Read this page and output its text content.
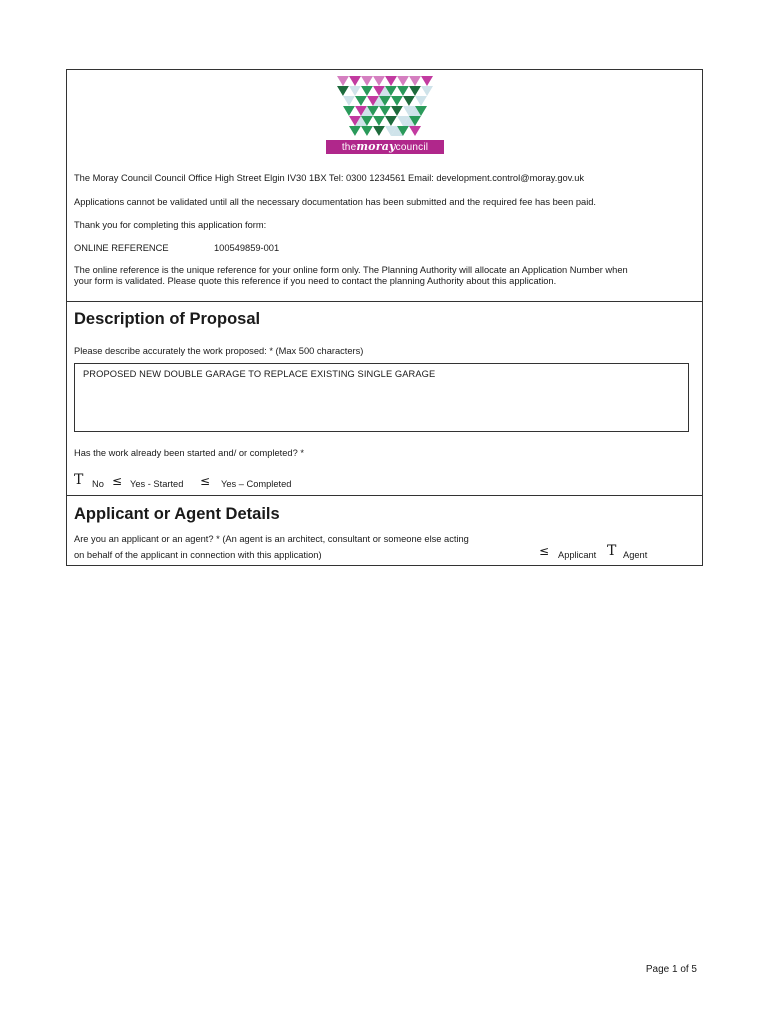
themoraycouncil
The Moray Council Council Office High Street Elgin IV30 1BX Tel: 0300 1234561 Email: development.control@moray.gov.uk
Applications cannot be validated until all the necessary documentation has been submitted and the required fee has been paid.
Thank you for completing this application form:
ONLINE REFERENCE	100549859-001
The online reference is the unique reference for your online form only. The Planning Authority will allocate an Application Number when
your form is validated. Please quote this reference if you need to contact the planning Authority about this application.
Description of Proposal
Please describe accurately the work proposed: * (Max 500 characters)
PROPOSED NEW DOUBLE GARAGE TO REPLACE EXISTING SINGLE GARAGE
Has the work already been started and/ or completed? *
T No ≤ Yes - Started ≤ Yes – Completed
Applicant or Agent Details
Are you an applicant or an agent? * (An agent is an architect, consultant or someone else acting
on behalf of the applicant in connection with this application)	≤ Applicant T Agent
Page 1 of 5
